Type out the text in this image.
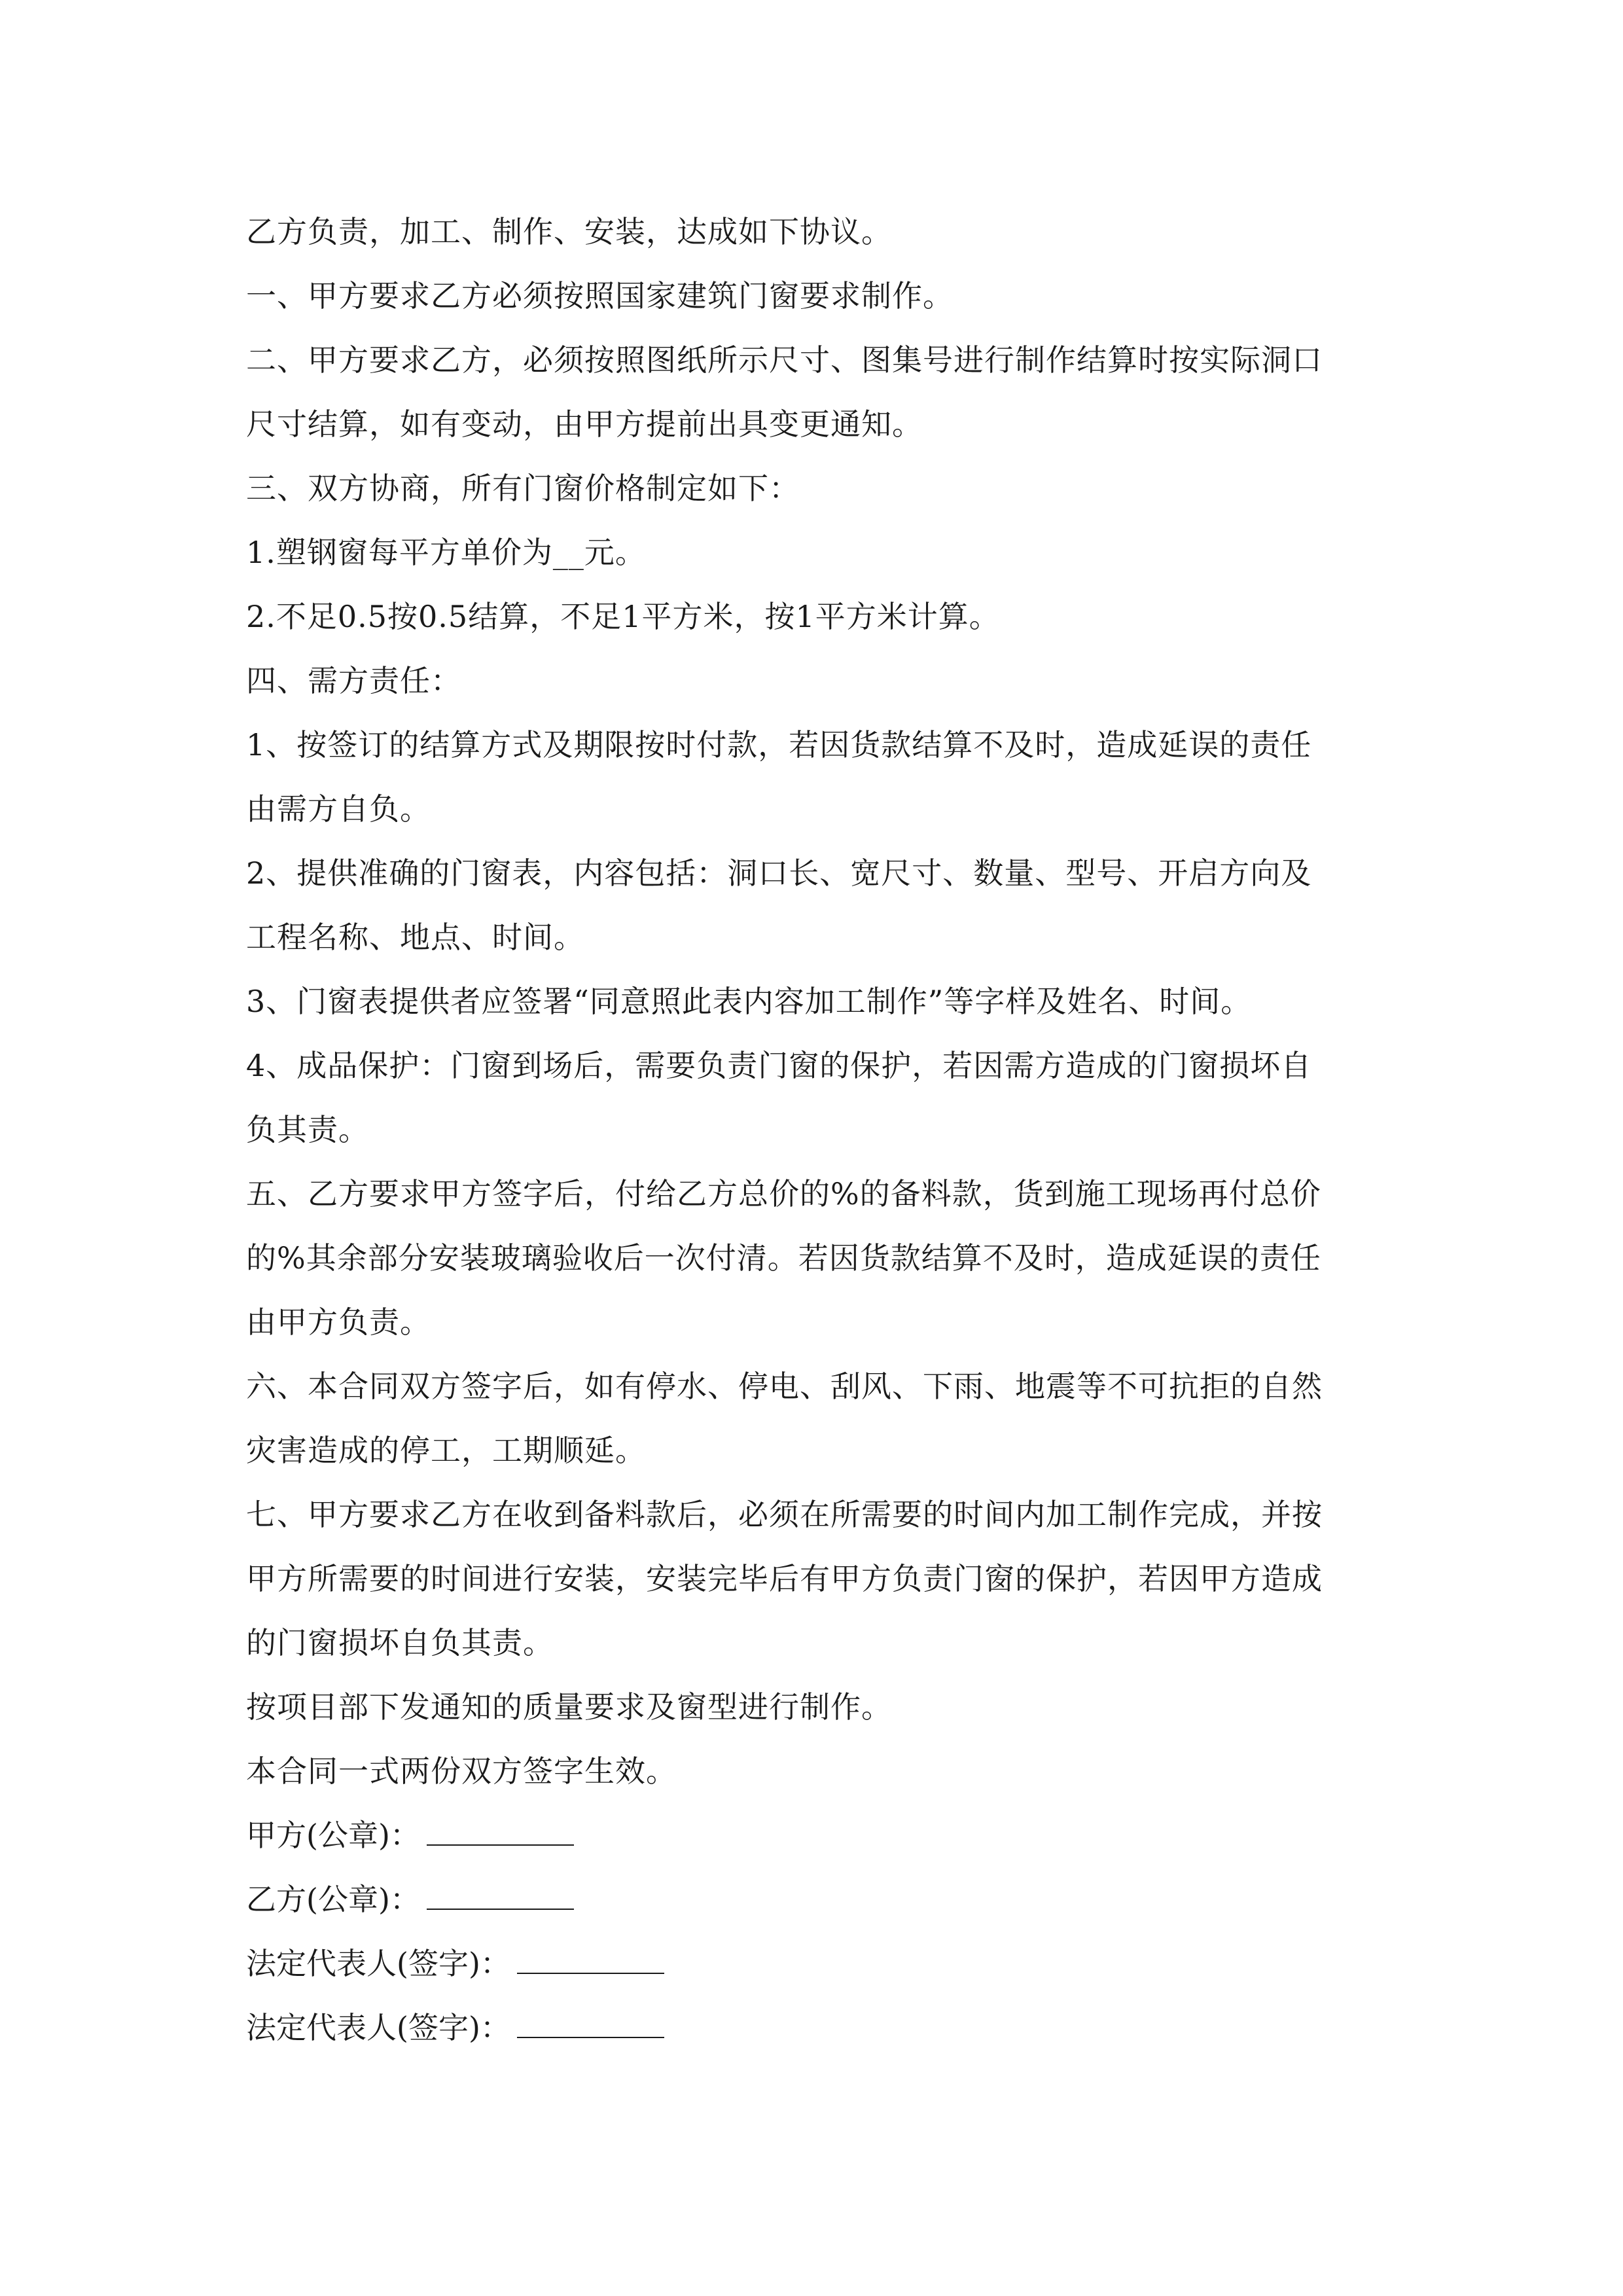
乙方负责，加工、制作、安装，达成如下协议。
一、甲方要求乙方必须按照国家建筑门窗要求制作。
二、甲方要求乙方，必须按照图纸所示尺寸、图集号进行制作结算时按实际洞口
尺寸结算，如有变动，由甲方提前出具变更通知。
三、双方协商，所有门窗价格制定如下：
1.塑钢窗每平方单价为__元。
2.不足0.5按0.5结算，不足1平方米，按1平方米计算。
四、需方责任：
1、按签订的结算方式及期限按时付款，若因货款结算不及时，造成延误的责任
由需方自负。
2、提供准确的门窗表，内容包括：洞口长、宽尺寸、数量、型号、开启方向及
工程名称、地点、时间。
3、门窗表提供者应签署“同意照此表内容加工制作”等字样及姓名、时间。
4、成品保护：门窗到场后，需要负责门窗的保护，若因需方造成的门窗损坏自
负其责。
五、乙方要求甲方签字后，付给乙方总价的%的备料款，货到施工现场再付总价
的%其余部分安装玻璃验收后一次付清。若因货款结算不及时，造成延误的责任
由甲方负责。
六、本合同双方签字后，如有停水、停电、刮风、下雨、地震等不可抗拒的自然
灾害造成的停工，工期顺延。
七、甲方要求乙方在收到备料款后，必须在所需要的时间内加工制作完成，并按
甲方所需要的时间进行安装，安装完毕后有甲方负责门窗的保护，若因甲方造成
的门窗损坏自负其责。
按项目部下发通知的质量要求及窗型进行制作。
本合同一式两份双方签字生效。
甲方(公章)：
乙方(公章)：
法定代表人(签字)：
法定代表人(签字)：
